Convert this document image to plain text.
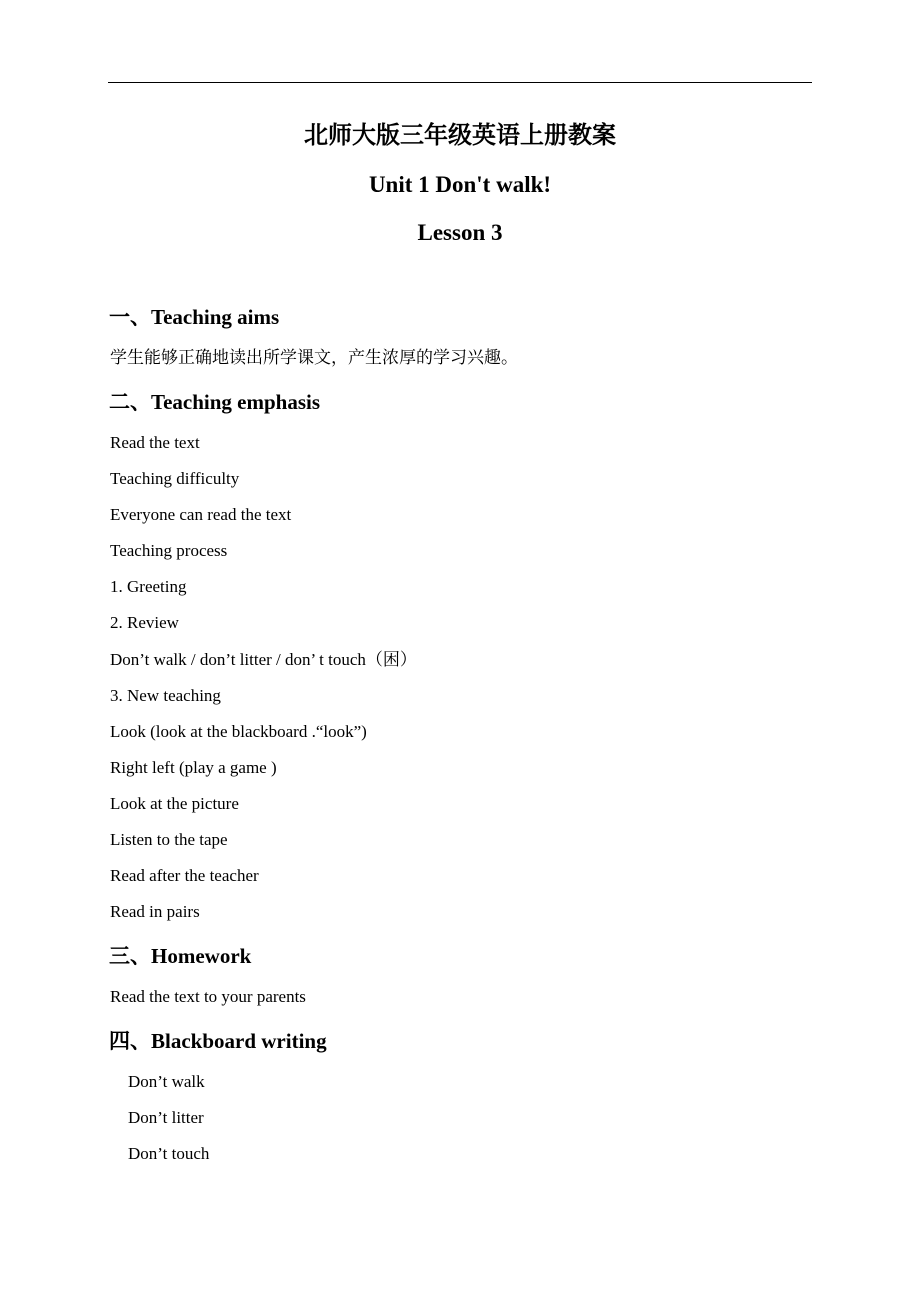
北师大版三年级英语上册教案
Unit 1 Don't walk!
Lesson 3
一、Teaching aims
学生能够正确地读出所学课文，产生浓厚的学习兴趣。
二、Teaching emphasis
Read the text
Teaching difficulty
Everyone can read the text
Teaching process
1. Greeting
2. Review
Don’t walk / don’t litter / don’ t touch（困）
3. New teaching
Look (look at the blackboard .“look”)
Right left (play a game )
Look at the picture
Listen to the tape
Read after the teacher
Read in pairs
三、Homework
Read the text to your parents
四、Blackboard writing
Don’t walk
Don’t litter
Don’t touch
